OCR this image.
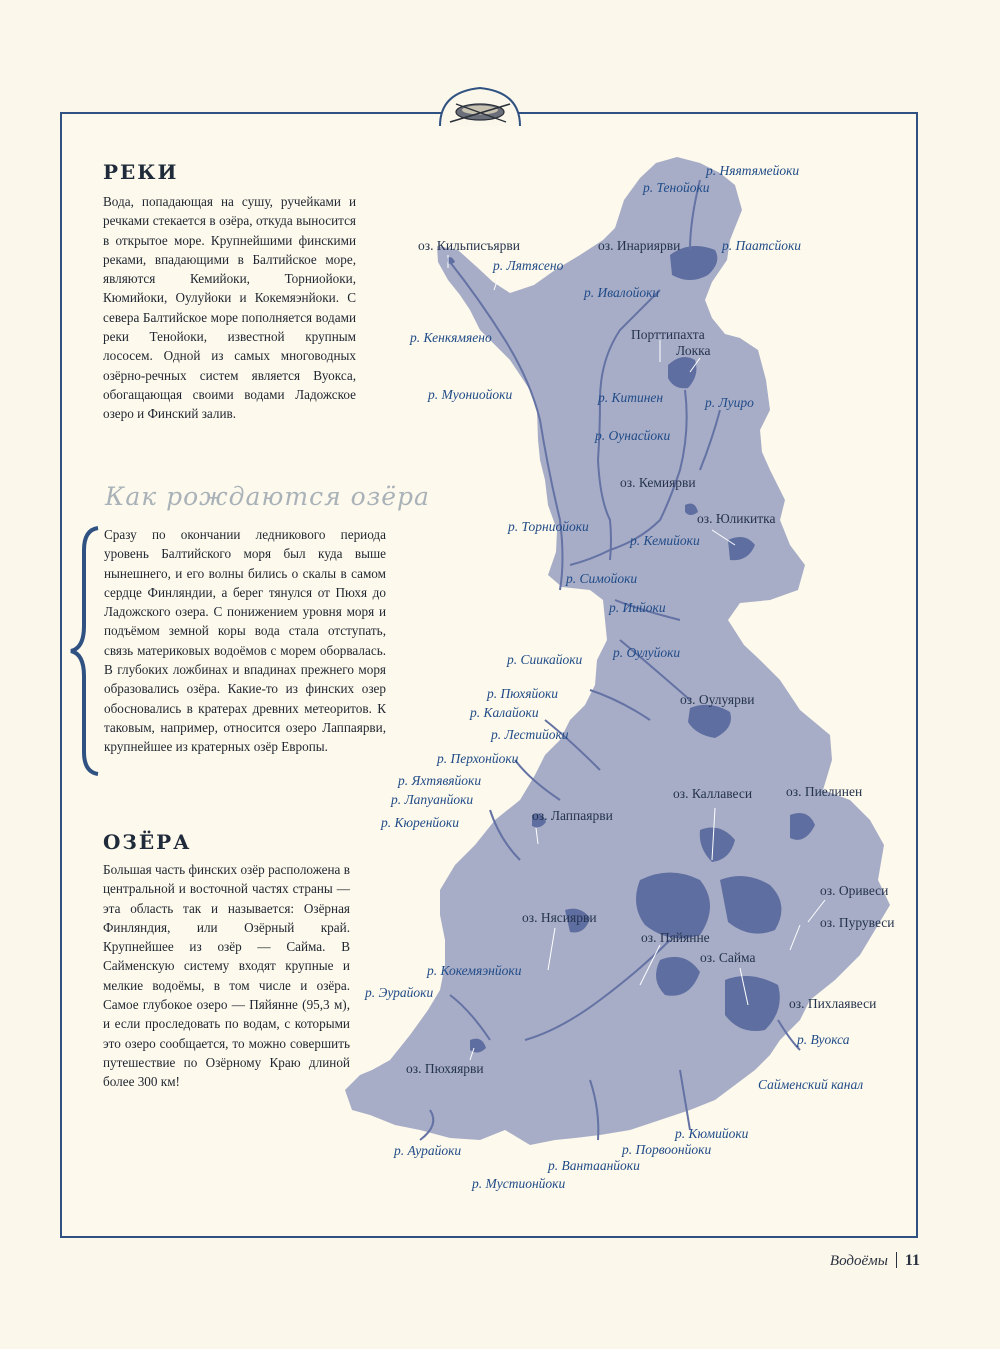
РЕКИ

Вода, попадающая на сушу, ручейками и речками стекается в озёра, откуда выносится в открытое море. Крупнейшими финскими реками, впадающими в Балтийское море, являются Кемийоки, Торниойоки, Кюмийоки, Оулуйоки и Кокемяэнйоки. С севера Балтийское море пополняется водами реки Тенойоки, известной крупным лососем. Одной из самых многоводных озёрно-речных систем является Вуокса, обогащающая своими водами Ладожское озеро и Финский залив.

Как рождаются озёра

Сразу по окончании ледникового периода уровень Балтийского моря был куда выше нынешнего, и его волны бились о скалы в самом сердце Финляндии, а берег тянулся от Пюхя до Ладожского озера. С понижением уровня моря и подъёмом земной коры вода стала отступать, связь материковых водоёмов с морем оборвалась. В глубоких ложбинах и впадинах прежнего моря образовались озёра. Какие-то из финских озер обосновались в кратерах древних метеоритов. К таковым, например, относится озеро Лаппаярви, крупнейшее из кратерных озёр Европы.

ОЗЁРА

Большая часть финских озёр расположена в центральной и восточной частях страны — эта область так и называется: Озёрная Финляндия, или Озёрный край. Крупнейшее из озёр — Сайма. В Сайменскую систему входят крупные и мелкие водоёмы, в том числе и озёра. Самое глубокое озеро — Пяйянне (95,3 м), и если проследовать по водам, с которыми это озеро сообщается, то можно совершить путешествие по Озёрному Краю длиной более 300 км!

р. Няятямейоки
р. Тенойоки
оз. Кильписъярви
р. Лятясено
оз. Инариярви	р. Паатсйоки
р. Ивалойоки
р. Кенкямяено	Порттипахта
Локка
р. Муониойоки	р. Китинен	р. Луиро
р. Оунасйоки
оз. Кемиярви
оз. Юликитка
р. Торниойоки
р. Кемийоки
р. Симойоки
р. Иийоки
р. Сиикайоки р. Оулуйоки
р. Пюхяйоки	оз. Оулуярви
р. Калайоки
р. Лестийоки
р. Перхонйоки
оз. Каллавеси	оз. Пиелинен
р. Яхтявяйоки
р. Лапуанйоки
оз. Лаппаярви
р. Кюренйоки
оз. Оривеси
оз. Нясиярви	оз. Пурувеси
оз. Пяйянне
оз. Сайма
р. Кокемяэнйоки
р. Эурайоки
оз. Пихлаявеси
р. Вуокса
оз. Пюхяярви
Сайменский канал
р. Кюмийоки
р. Порвоонйоки
р. Аурайоки
р. Вантаанйоки
р. Мустионйоки
Водоёмы 11
